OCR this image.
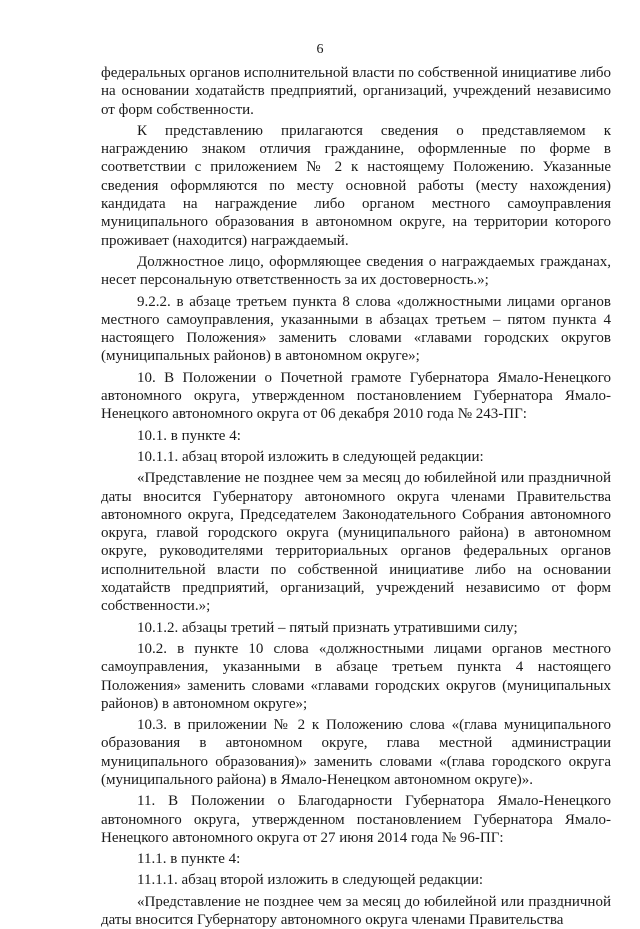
6

федеральных органов исполнительной власти по собственной инициативе либо на основании ходатайств предприятий, организаций, учреждений независимо от форм собственности.

К представлению прилагаются сведения о представляемом к награждению знаком отличия гражданине, оформленные по форме в соответствии с приложением № 2 к настоящему Положению. Указанные сведения оформляются по месту основной работы (месту нахождения) кандидата на награждение либо органом местного самоуправления муниципального образования в автономном округе, на территории которого проживает (находится) награждаемый.

Должностное лицо, оформляющее сведения о награждаемых гражданах, несет персональную ответственность за их достоверность.»;

9.2.2. в абзаце третьем пункта 8 слова «должностными лицами органов местного самоуправления, указанными в абзацах третьем – пятом пункта 4 настоящего Положения» заменить словами «главами городских округов (муниципальных районов) в автономном округе»;

10. В Положении о Почетной грамоте Губернатора Ямало-Ненецкого автономного округа, утвержденном постановлением Губернатора Ямало-Ненецкого автономного округа от 06 декабря 2010 года № 243-ПГ:

10.1. в пункте 4:

10.1.1. абзац второй изложить в следующей редакции:

«Представление не позднее чем за месяц до юбилейной или праздничной даты вносится Губернатору автономного округа членами Правительства автономного округа, Председателем Законодательного Собрания автономного округа, главой городского округа (муниципального района) в автономном округе, руководителями территориальных органов федеральных органов исполнительной власти по собственной инициативе либо на основании ходатайств предприятий, организаций, учреждений независимо от форм собственности.»;

10.1.2. абзацы третий – пятый признать утратившими силу;

10.2. в пункте 10 слова «должностными лицами органов местного самоуправления, указанными в абзаце третьем пункта 4 настоящего Положения» заменить словами «главами городских округов (муниципальных районов) в автономном округе»;

10.3. в приложении № 2 к Положению слова «(глава муниципального образования в автономном округе, глава местной администрации муниципального образования)» заменить словами «(глава городского округа (муниципального района) в Ямало-Ненецком автономном округе)».

11. В Положении о Благодарности Губернатора Ямало-Ненецкого автономного округа, утвержденном постановлением Губернатора Ямало-Ненецкого автономного округа от 27 июня 2014 года № 96-ПГ:

11.1. в пункте 4:

11.1.1. абзац второй изложить в следующей редакции:

«Представление не позднее чем за месяц до юбилейной или праздничной даты вносится Губернатору автономного округа членами Правительства
